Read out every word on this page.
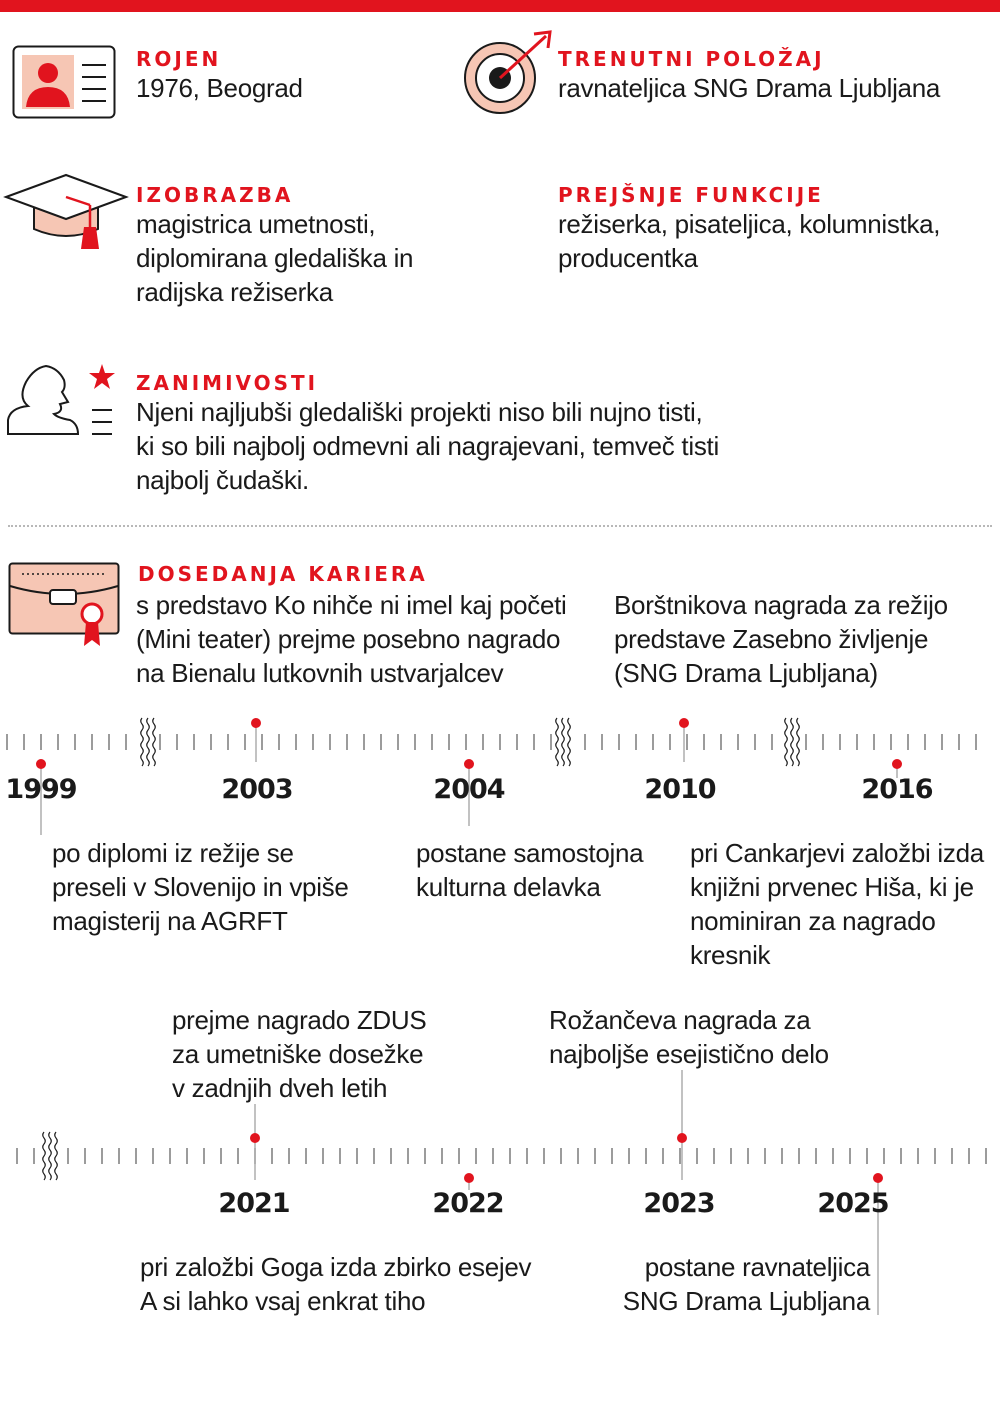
ROJEN
1976, Beograd
TRENUTNI POLOŽAJ
ravnateljica SNG Drama Ljubljana
IZOBRAZBA
magistrica umetnosti,
diplomirana gledališka in
radijska režiserka
PREJŠNJE FUNKCIJE
režiserka, pisateljica, kolumnistka,
producentka
ZANIMIVOSTI
Njeni najljubši gledališki projekti niso bili nujno tisti,
ki so bili najbolj odmevni ali nagrajevani, temveč tisti
najbolj čudaški.
DOSEDANJA KARIERA
1999	2003	2004	2010	2016
po diplomi iz režije se
preseli v Slovenijo in vpiše
magisterij na AGRFT
s predstavo Ko nihče ni imel kaj početi
(Mini teater) prejme posebno nagrado
na Bienalu lutkovnih ustvarjalcev
postane samostojna
kulturna delavka
Borštnikova nagrada za režijo
predstave Zasebno življenje
(SNG Drama Ljubljana)
pri Cankarjevi založbi izda
knjižni prvenec Hiša, ki je
nominiran za nagrado
kresnik
2021	2022	2023	2025
prejme nagrado ZDUS
za umetniške dosežke
v zadnjih dveh letih
pri založbi Goga izda zbirko esejev
A si lahko vsaj enkrat tiho
Rožančeva nagrada za
najboljše esejistično delo
postane ravnateljica
SNG Drama Ljubljana
